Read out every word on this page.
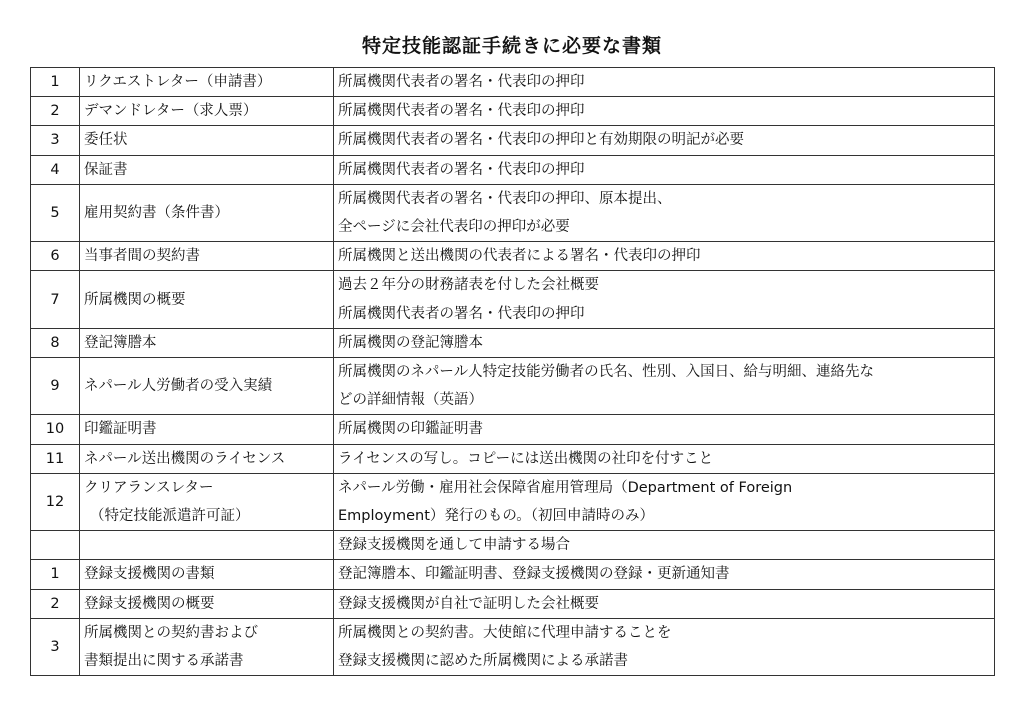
特定技能認証手続きに必要な書類
1	リクエストレター（申請書）	所属機関代表者の署名・代表印の押印

2	デマンドレター（求人票）	所属機関代表者の署名・代表印の押印

3	委任状	所属機関代表者の署名・代表印の押印と有効期限の明記が必要

4	保証書	所属機関代表者の署名・代表印の押印

5	雇用契約書（条件書）	所属機関代表者の署名・代表印の押印、原本提出、
全ページに会社代表印の押印が必要

6	当事者間の契約書	所属機関と送出機関の代表者による署名・代表印の押印

7	所属機関の概要	過去２年分の財務諸表を付した会社概要
所属機関代表者の署名・代表印の押印

8	登記簿謄本	所属機関の登記簿謄本

9	ネパール人労働者の受入実績	所属機関のネパール人特定技能労働者の氏名、性別、入国日、給与明細、連絡先な
どの詳細情報（英語）

10	印鑑証明書	所属機関の印鑑証明書

11	ネパール送出機関のライセンス	ライセンスの写し。コピーには送出機関の社印を付すこと

12	クリアランスレター
（特定技能派遣許可証）	ネパール労働・雇用社会保障省雇用管理局（Department of Foreign
Employment）発行のもの。（初回申請時のみ）

		登録支援機関を通して申請する場合

1	登録支援機関の書類	登記簿謄本、印鑑証明書、登録支援機関の登録・更新通知書

2	登録支援機関の概要	登録支援機関が自社で証明した会社概要

3	所属機関との契約書および
書類提出に関する承諾書	所属機関との契約書。大使館に代理申請することを
登録支援機関に認めた所属機関による承諾書
